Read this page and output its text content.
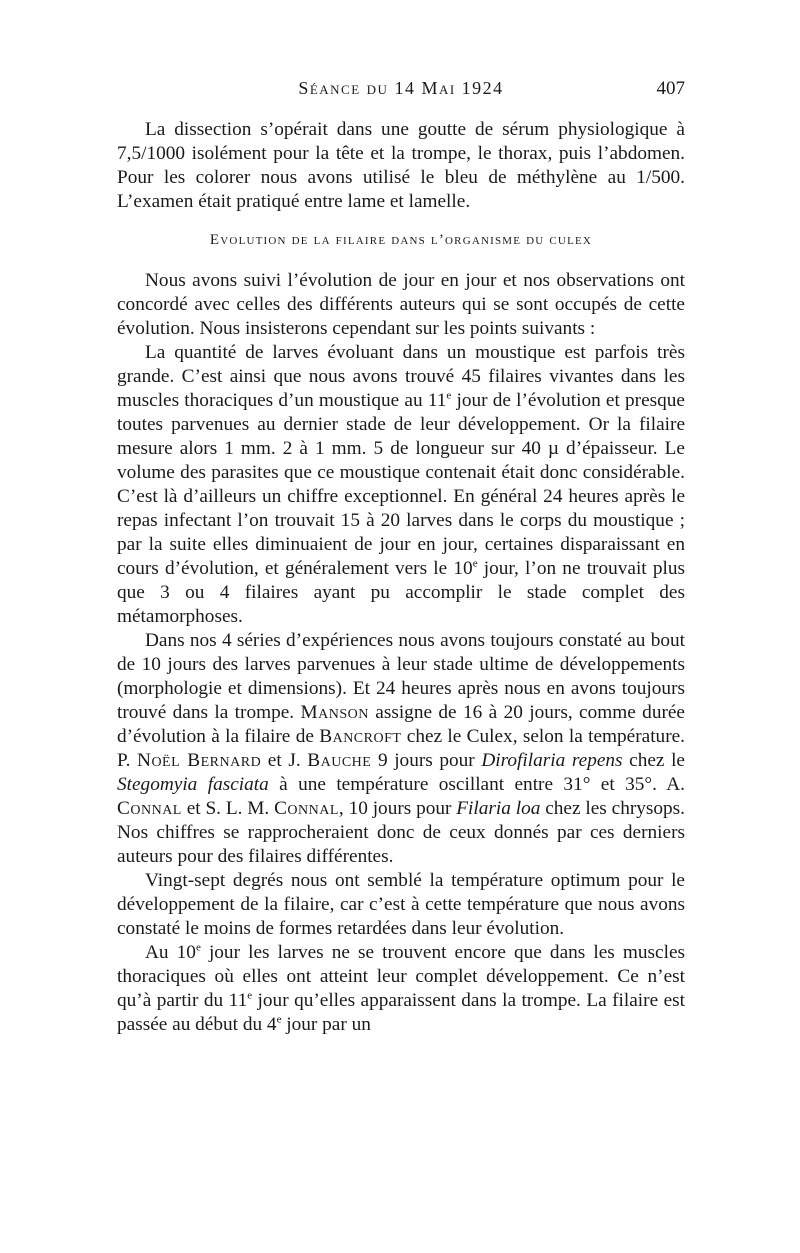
Séance du 14 Mai 1924	407

La dissection s’opérait dans une goutte de sérum physiologique à 7,5/1000 isolément pour la tête et la trompe, le thorax, puis l’abdomen. Pour les colorer nous avons utilisé le bleu de méthylène au 1/500. L’examen était pratiqué entre lame et lamelle.

Evolution de la filaire dans l’organisme du culex

Nous avons suivi l’évolution de jour en jour et nos observations ont concordé avec celles des différents auteurs qui se sont occupés de cette évolution. Nous insisterons cependant sur les points suivants :

La quantité de larves évoluant dans un moustique est parfois très grande. C’est ainsi que nous avons trouvé 45 filaires vivantes dans les muscles thoraciques d’un moustique au 11e jour de l’évolution et presque toutes parvenues au dernier stade de leur développement. Or la filaire mesure alors 1 mm. 2 à 1 mm. 5 de longueur sur 40 µ d’épaisseur. Le volume des parasites que ce moustique contenait était donc considérable. C’est là d’ailleurs un chiffre exceptionnel. En général 24 heures après le repas infectant l’on trouvait 15 à 20 larves dans le corps du moustique ; par la suite elles diminuaient de jour en jour, certaines disparaissant en cours d’évolution, et généralement vers le 10e jour, l’on ne trouvait plus que 3 ou 4 filaires ayant pu accomplir le stade complet des métamorphoses.

Dans nos 4 séries d’expériences nous avons toujours constaté au bout de 10 jours des larves parvenues à leur stade ultime de développements (morphologie et dimensions). Et 24 heures après nous en avons toujours trouvé dans la trompe. Manson assigne de 16 à 20 jours, comme durée d’évolution à la filaire de Bancroft chez le Culex, selon la température. P. Noël Bernard et J. Bauche 9 jours pour Dirofilaria repens chez le Stegomyia fasciata à une température oscillant entre 31° et 35°. A. Connal et S. L. M. Connal, 10 jours pour Filaria loa chez les chrysops. Nos chiffres se rapprocheraient donc de ceux donnés par ces derniers auteurs pour des filaires différentes.

Vingt-sept degrés nous ont semblé la température optimum pour le développement de la filaire, car c’est à cette température que nous avons constaté le moins de formes retardées dans leur évolution.

Au 10e jour les larves ne se trouvent encore que dans les muscles thoraciques où elles ont atteint leur complet développement. Ce n’est qu’à partir du 11e jour qu’elles apparaissent dans la trompe. La filaire est passée au début du 4e jour par un
